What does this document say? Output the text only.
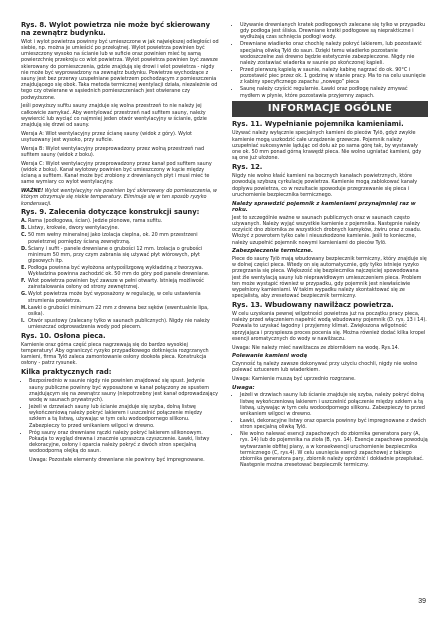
Rys. 8. Wylot powietrza nie może być skierowany na zewnątrz budynku.

Wlot i wylot powietrza powinny być umieszczone w jak największej odległości od siebie, np. można je umieścić po przekątnej. Wylot powietrza powinien być umieszczony wysoko na ścianie lub w suficie oraz powinien mieć tę samą powierzchnię przekroju co wlot powietrza. Wylot powietrza powinien być zawsze skierowany do pomieszczenia, gdzie znajdują się drowi i wlot powietrza - nigdy nie może być wyprowadzony na zewnątrz budynku. Powietrze wychodzące z sauny jest bez przerwy uzupełniane powietrzem pochodzącym z pomieszczenia znajdującego się obok. Taka metoda termicznej wentylacji działa, niezależnie od tego czy otwierane w sąsiednich pomieszczeniach jest otwierane czy podwyższone.

Jeśli powyższy sufitu sauny znajduje się wolna przestrzeń to nie należy jej całkowicie zamykać. Aby wentylować przestrzeń nad sufitem sauny, należy wywiercić lub wyciąć co najmniej jeden otwór wentylacyjny w ścianie, gdzie znajdują się drzwi od sauny.

Wersja A: Wlot wentylacyjny przez ścianę sauny (widok z góry). Wylot usytuowany jest wysoko, przy suficie.

Wersja B: Wylot wentylacyjny przeprowadzony przez wolną przestrzeń nad sufitem sauny (widok z boku).

Wersja C: Wylot wentylacyjny przeprowadzony przez kanał pod sufitem sauny (widok z boku). Kanał wylotowy powinien być umieszczony w kącie między ścianą a sufitem. Kanał może być zrobiony z drewnianych płyt i musi mieć te same wymiary co wylot wentylacyjny.

WAŻNE! Wylot wentylacyjny nie powinien być skierowany do pomieszczenia, w którym otrzymuje się niskie temperatury. Eliminuje się w ten sposób ryzyko kondensacji.

Rys. 9. Zalecenia dotyczące konstrukcji sauny:
A. Rama (podłogowa, ścian). Jedzie pionowe, rama sufitu.
B. Listwy, krokwie, dwory wentylacyjne.
C. 50 mm wełny mineralnej jako izolacja cieplna, ok. 20 mm przestrzeni powietrznej pomiędzy ścianą zewnętrzną.
D. Ściany i sufit - panele drewniane o grubości 12 mm. Izolacja o grubości minimum 50 mm, przy czym zabrania się używać płyt wiórowych, płyt gipsowych itp.
E. Podłoga powinna być wyłożona antypoślizgową wykładziną z tworzywa. Wykładzina powinna zachodzić ok. 50 mm do góry pod panele drewniane.
F. Wlot powietrza powinien być zawsze w pełni otwarty. Istnieją możliwość zainstalowania osłony od strony zewnętrznej.
G. Wylot powietrza może być wyposażony w regulację, w celu ustawienia strumienia powietrza.
H. Ławki o grubości minimum 22 mm z drewna bez sęków (ewentualnie lipa, osika).
I. Otwór spustowy (zalecany tylko w saunach publicznych). Nigdy nie należy umieszczać odprowadzenia wody pod piecem.
Rys. 10. Osłona pieca.

Kamienie oraz górna część pieca nagrzewają się do bardzo wysokiej temperatury! Aby ograniczyć ryzyko przypadkowego dotknięcia rozgrzanych kamieni, firma Tylö zaleca zamontowanie osłony dookoła pieca. Konstrukcja osłony - patrz rysunek.

Kilka praktycznych rad:
• Bezpośrednio w saunie nigdy nie powinien znajdować się spust. Jedynie sauny publiczne powinny być wyposażone w kanał połączony ze spustem znajdującym się na zewnątrz sauny (niepotrzebny jest kanał odprowadzający wodę w saunach prywatnych).
• Jeżeli w dzrzwiach sauny lub ścianie znajduje się szyba, dolną listwę wykończeniową należy pokryć lakierem i uszczelnić połączenie między szkłem a tą listwą, używając w tym celu wodoodpornego silikonu. Zabezpieczy to przed wnikaniem wilgoci w drewno.
• Próg sauny oraz drewniane rączki należy pokryć lakierem silikonowym. Pokazja to wygląd drewna i znacznie upraszcza czyszczenie. Ławki, listwy dekoracyjne, osłony i oparcia należy pokryć z dwóch stron specjalną wodoodporną olejką do saun.

Uwaga: Pozostałe elementy drewniane nie powinny być impregnowane.

• Używanie drewnianych kratek podłogowych zalecane się tylko w przypadku gdy podłoga jest śliska. Drewniane kratki podłogowe są nieprakticzne i wydłużają czas schnięcia podłogi wody.
• Drewniane wiadierko oraz chochlę należy pokryć lakierem, lub pozostawić specjalną oliwką Tylö do saun. Dzięki temu wiadierko pozostanie wodoszczelne zaś drewno będzie estetycznie zabezpieczone. Nigdy nie należy zostawiać wiaderka w saunie po skończonej kąpieli.
• Przed pierwszą kąpielą w saunie, należy kabinę nagrzać do ok. 90°C i pozostawić piec przez ok. 1 godzinę w stanie pracy. Ma to na celu usunięcie z kabiny specyficznego zapachu „nowego” pieca
• Saunę należy czyścić regularnie. Ławki oraz podłogę należy zmywać mydłem w płynie, które pozostawia przyjemny zapach.
INFORMACJE OGÓLNE
Rys. 11. Wypełnianie pojemnika kamieniami.

Używać należy wyłącznie specjalnych kamieni do pieców Tylö, gdyż zwykłe kamienie mogą uszkodzić całe urządzenie grzewcze. Pojemnik należy uzupełniać sukcesywnie lądując od dołu aż po sama górę tak, by wystawały one ok. 50 mm ponad górną krawędź pieca. Nie wolno ugniatać kamieni, gdy są one już ułożone.

Rys. 12.

Nigdy nie wolno kłaść kamieni na bocznych kanałach powietrznych, które powodują szybszą cyrkulację powietrza. Kamienie mogą zablokować kanały dopływu powietrza, co w rezultacie spowoduje przegrzewanie się pieca i uruchomienie bezpiecznika termicznego.

Należy sprawdzić pojemnik z kamieniami przynajmniej raz w roku.

Jest to szczególnie ważne w saunach publicznych oraz w saunach często używanych. Należy wyjąć wszystkie kamienie z pojemnika. Następnie należy oczyścić dno zbiornika ze wszystkich drobnych kamyków, żwiru oraz z osadu. Włożyć z powrotem tylko całe i nieuszkodzone kamienie. Jeśli to konieczne, należy uzupełnić pojemnik nowymi kamieniami do pieców Tylö.

Zabezpieczenie termiczne.

Piece do sauny Tylö mają wbudowany bezpiecznik termiczny, który znajduje się w dolnej części pieca. Wtedy on się automatycznie, gdy tylko istnieje ryzyko przegrzania się pieca. Większość się bezpiecznika najczęściej spowodowana jest źle wentylacją sauny lub nieprawidłowym umieszczeniem pieca. Problem ten może wystąpić również w przypadku, gdy pojemnik jest niewłaściwie wypełniony kamieniami. W takim wypadku należy skontaktować się ze specjalistą, aby zresetować bezpiecznik termiczny.

Rys. 13. Wbudowany nawilżacz powietrza.

W celu uzyskania pewnej wilgotności powietrza już na początku pracy pieca, należy przed włączeniem napełnić wodą wbudowany pojemnik (D. rys. 13 i 14). Pozwala to uzyskać łagodny i przyjemny klimat. Zwiększona wilgotność sprzyjająca i przyspiesza proces pocenia się. Można również dodać kilka kropel esencji aromatycznych do wody w nawilżaczu.

Uwaga: Nie należy mieć nawilżacza ze zbiornikiem na wodę. Rys.14.

Polewanie kamieni wodą

Czynność tą należy zawsze dokonywać przy użyciu chochli, nigdy nie wolno polewać sztucerem lub wiaderkiem.

Uwaga: Kamienie muszą być uprzednio rozgrzane.

Uwaga:
• Jeżeli w drzwiach sauny lub ścianie znajduje się szyba, należy pokryć dolną listwę wykończeniową lakierem i uszczelnić połączenie między szkłem a tą listwą, używając w tym celu wodoodpornego silikonu. Zabezpieczy to przed wnikaniem wilgoci w drewno.
• Ławki, dekoracyjne listwy oraz oparcia powinny być impregnowane z dwóch stron specjalną oliwką Tylö.
• Nie wolno nalewać esencji zapachowych do zbiornika generatora pary (A, rys. 14) lub do pojemnika na zioła (B, rys. 14). Esencje zapachowe powodują wytwarzanie obfitej piany, a w konsekwencji uruchomienie bezpiecznika termicznego (C, rys.4). W celu usunięcia esencji zapachowej z takiego zbiornika generatora pary, zbiornik należy opróżnić i dokładnie przepłukać. Następnie można zresetować bezpiecznik termiczny.
39
